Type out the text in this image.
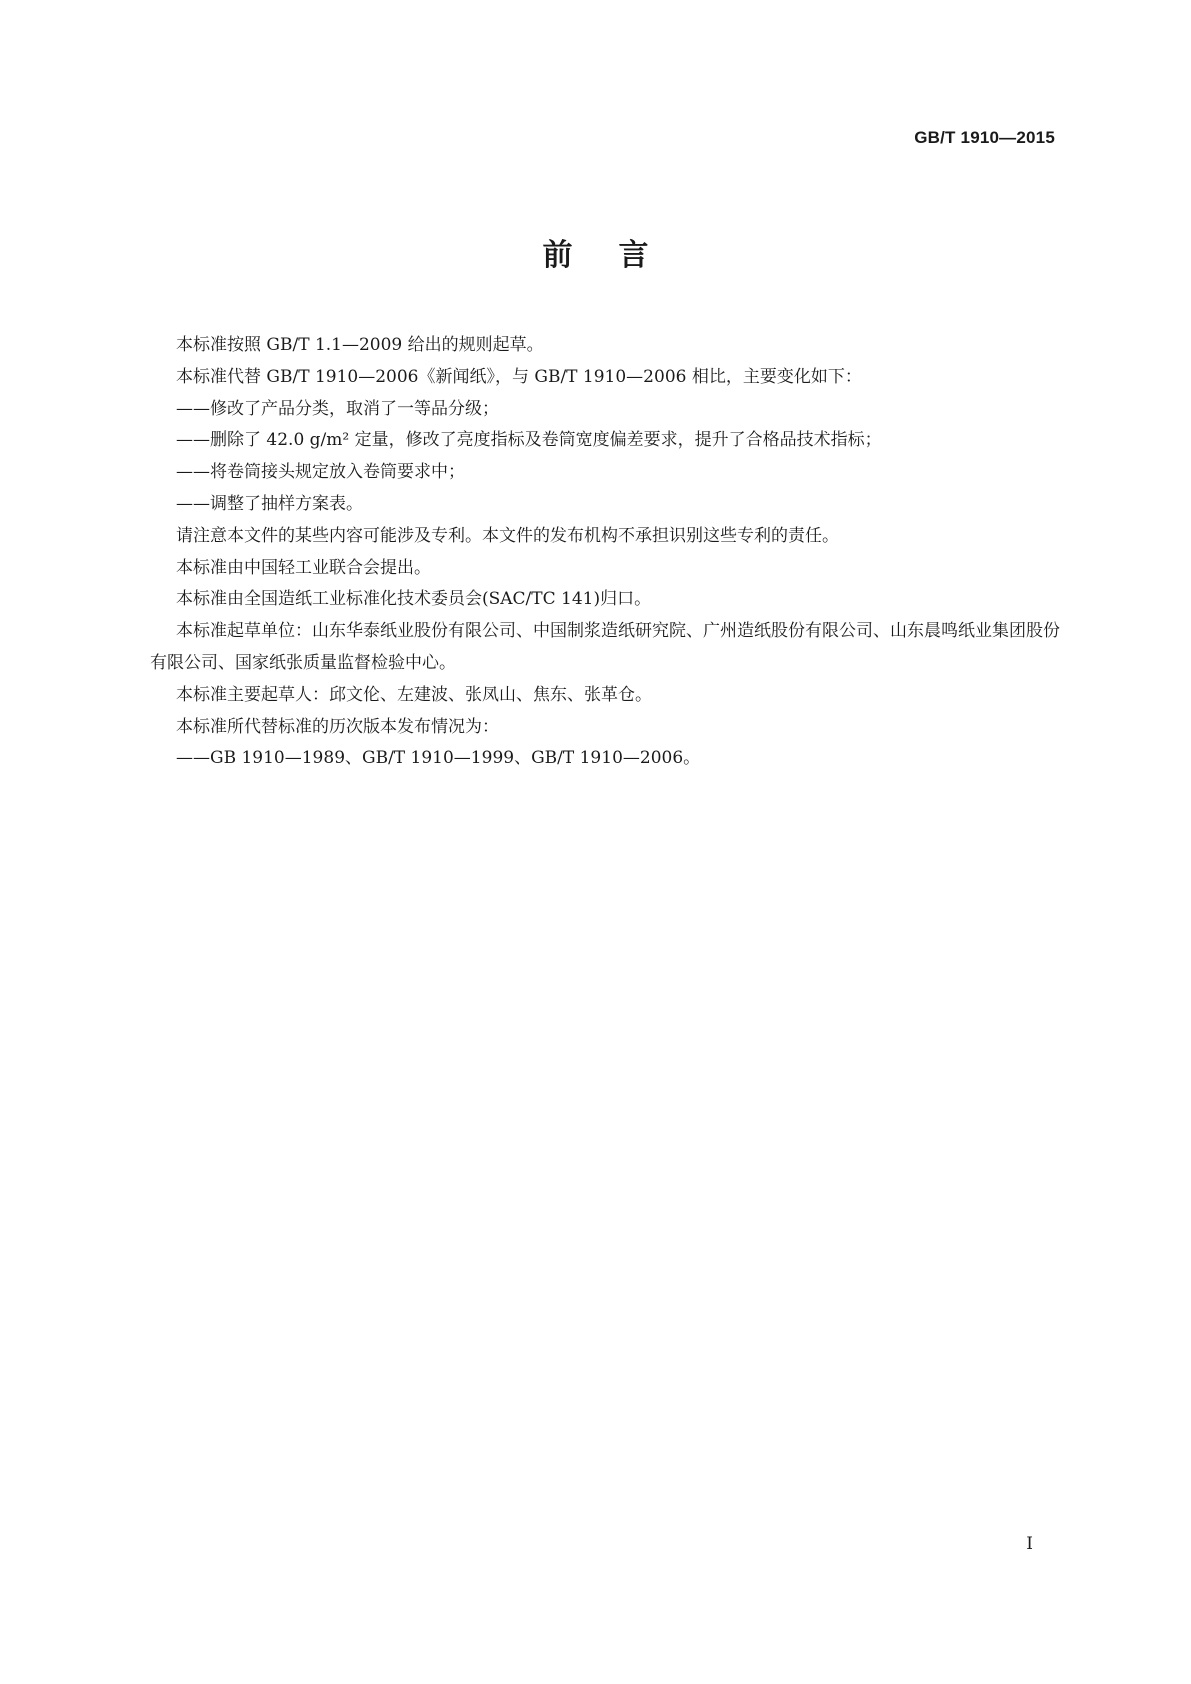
GB/T 1910—2015
前言

本标准按照 GB/T 1.1—2009 给出的规则起草。

本标准代替 GB/T 1910—2006《新闻纸》，与 GB/T 1910—2006 相比，主要变化如下：

——修改了产品分类，取消了一等品分级；

——删除了 42.0 g/m² 定量，修改了亮度指标及卷筒宽度偏差要求，提升了合格品技术指标；

——将卷筒接头规定放入卷筒要求中；

——调整了抽样方案表。

请注意本文件的某些内容可能涉及专利。本文件的发布机构不承担识别这些专利的责任。

本标准由中国轻工业联合会提出。

本标准由全国造纸工业标准化技术委员会(SAC/TC 141)归口。

本标准起草单位：山东华泰纸业股份有限公司、中国制浆造纸研究院、广州造纸股份有限公司、山东晨鸣纸业集团股份有限公司、国家纸张质量监督检验中心。

本标准主要起草人：邱文伦、左建波、张凤山、焦东、张革仓。

本标准所代替标准的历次版本发布情况为：

——GB 1910—1989、GB/T 1910—1999、GB/T 1910—2006。

I
